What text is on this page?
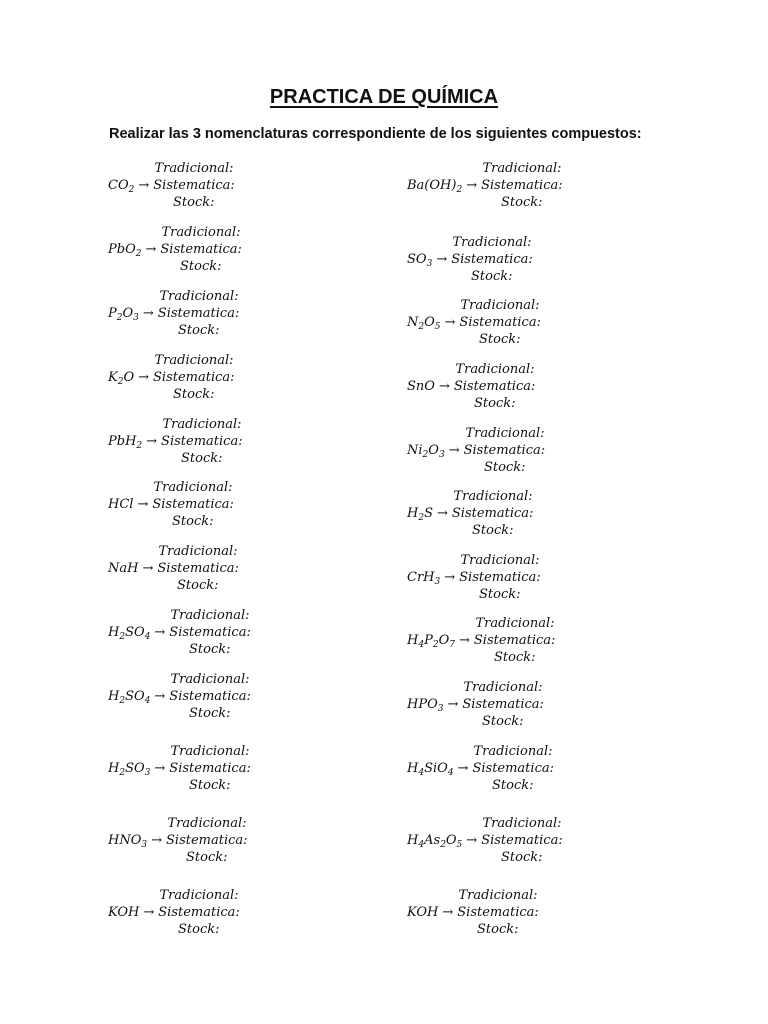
PRACTICA DE QUÍMICA
Realizar las 3 nomenclaturas correspondiente de los siguientes compuestos:
$CO_2$ → Sistematica:
Tradicional:
Stock:
PbO$_2$ → Sistematica:
Tradicional:
Stock:
$P_2O_3$ → Sistematica:
Tradicional:
Stock:
$K_2O$ → Sistematica:
Tradicional:
Stock:
PbH$_2$ → Sistematica:
Tradicional:
Stock:
HCl → Sistematica:
Tradicional:
Stock:
NaH → Sistematica:
Tradicional:
Stock:
$H_2SO_4$ → Sistematica:
Tradicional:
Stock:
$H_2SO_4$ → Sistematica:
Tradicional:
Stock:
$H_2SO_3$ → Sistematica:
Tradicional:
Stock:
$HNO_3$ → Sistematica:
Tradicional:
Stock:
KOH → Sistematica:
Tradicional:
Stock:
$Ba(OH)_2$ → Sistematica:
Tradicional:
Stock:
$SO_3$ → Sistematica:
Tradicional:
Stock:
$N_2O_5$ → Sistematica:
Tradicional:
Stock:
SnO → Sistematica:
Tradicional:
Stock:
$Ni_2O_3$ → Sistematica:
Tradicional:
Stock:
$H_2S$ → Sistematica:
Tradicional:
Stock:
CrH$_3$ → Sistematica:
Tradicional:
Stock:
$H_4P_2O_7$ → Sistematica:
Tradicional:
Stock:
$HPO_3$ → Sistematica:
Tradicional:
Stock:
$H_4SiO_4$ → Sistematica:
Tradicional:
Stock:
$H_4As_2O_5$ → Sistematica:
Tradicional:
Stock:
KOH → Sistematica:
Tradicional:
Stock:
